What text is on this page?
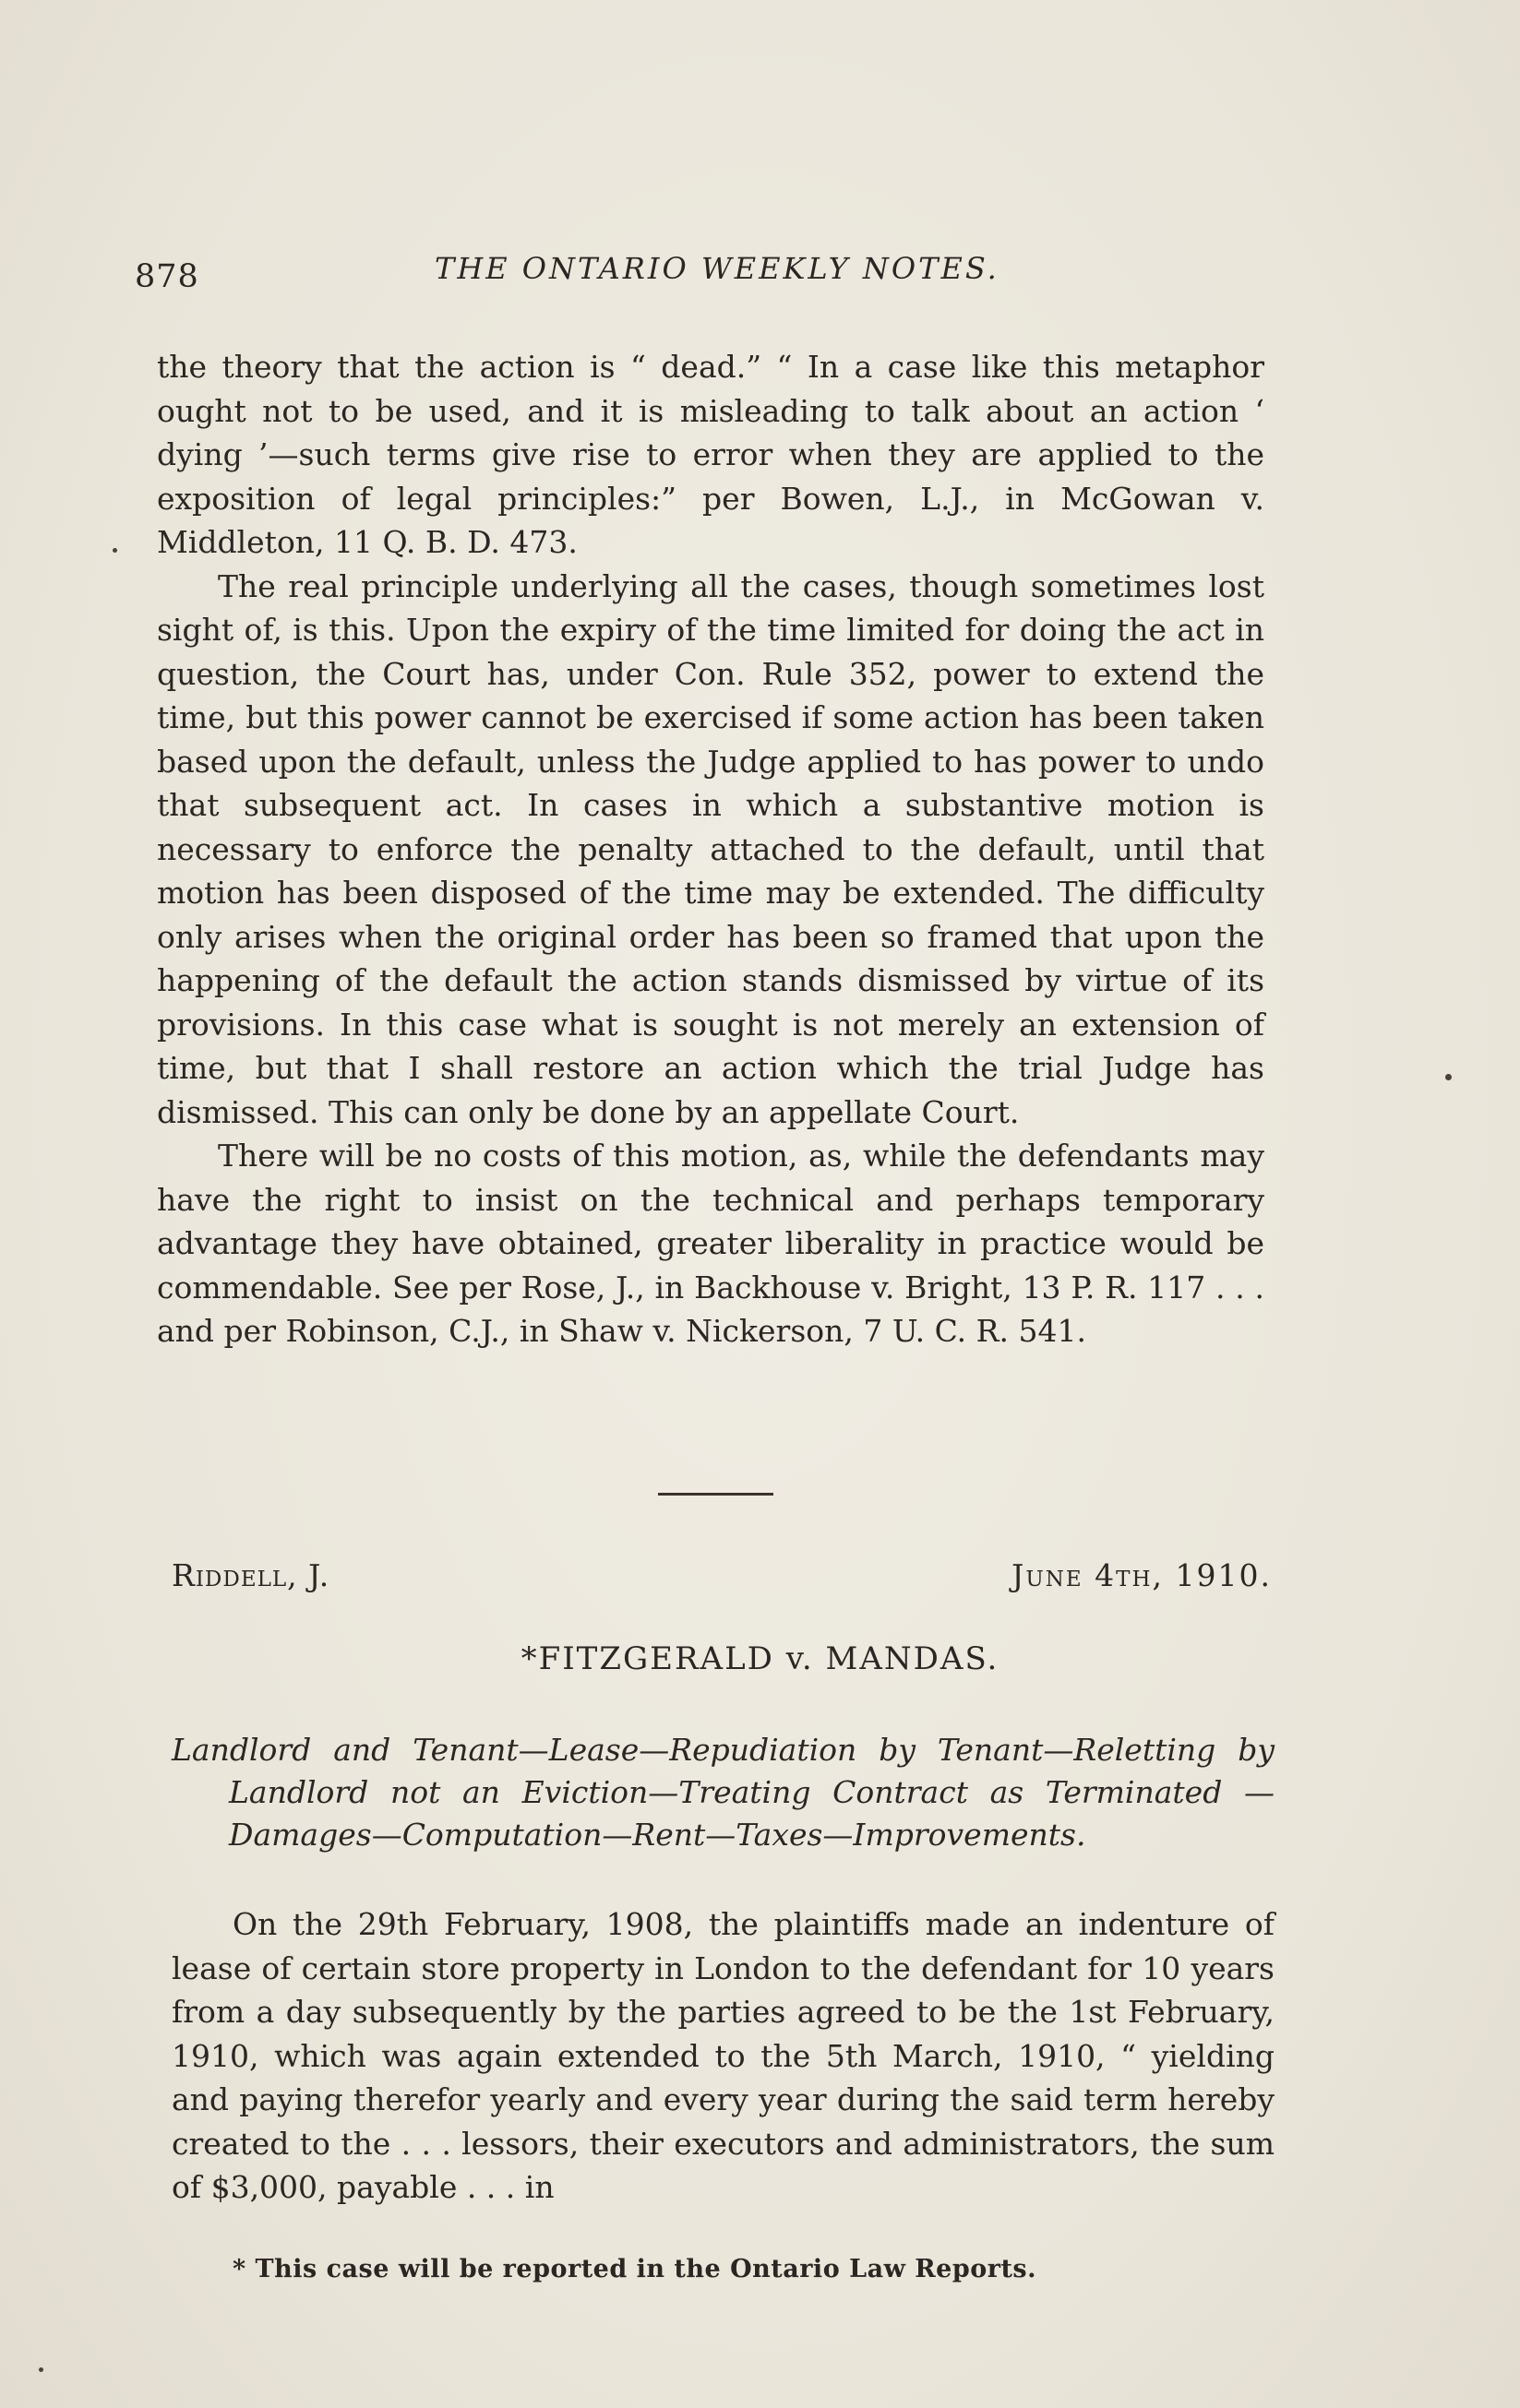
878	THE ONTARIO WEEKLY NOTES.

the theory that the action is “ dead.” “ In a case like this metaphor ought not to be used, and it is misleading to talk about an action ‘ dying ’—such terms give rise to error when they are applied to the exposition of legal principles:” per Bowen, L.J., in McGowan v. Middleton, 11 Q. B. D. 473.

The real principle underlying all the cases, though sometimes lost sight of, is this. Upon the expiry of the time limited for doing the act in question, the Court has, under Con. Rule 352, power to extend the time, but this power cannot be exercised if some action has been taken based upon the default, unless the Judge applied to has power to undo that subsequent act. In cases in which a substantive motion is necessary to enforce the penalty attached to the default, until that motion has been disposed of the time may be extended. The difficulty only arises when the original order has been so framed that upon the happening of the default the action stands dismissed by virtue of its provisions. In this case what is sought is not merely an extension of time, but that I shall restore an action which the trial Judge has dismissed. This can only be done by an appellate Court.

There will be no costs of this motion, as, while the defendants may have the right to insist on the technical and perhaps temporary advantage they have obtained, greater liberality in practice would be commendable. See per Rose, J., in Backhouse v. Bright, 13 P. R. 117 . . . and per Robinson, C.J., in Shaw v. Nickerson, 7 U. C. R. 541.

Riddell, J.	June 4th, 1910.
*FITZGERALD v. MANDAS.
Landlord and Tenant—Lease—Repudiation by Tenant—Reletting by Landlord not an Eviction—Treating Contract as Terminated —Damages—Computation—Rent—Taxes—Improvements.

On the 29th February, 1908, the plaintiffs made an indenture of lease of certain store property in London to the defendant for 10 years from a day subsequently by the parties agreed to be the 1st February, 1910, which was again extended to the 5th March, 1910, “ yielding and paying therefor yearly and every year during the said term hereby created to the . . . lessors, their executors and administrators, the sum of $3,000, payable . . . in

* This case will be reported in the Ontario Law Reports.
